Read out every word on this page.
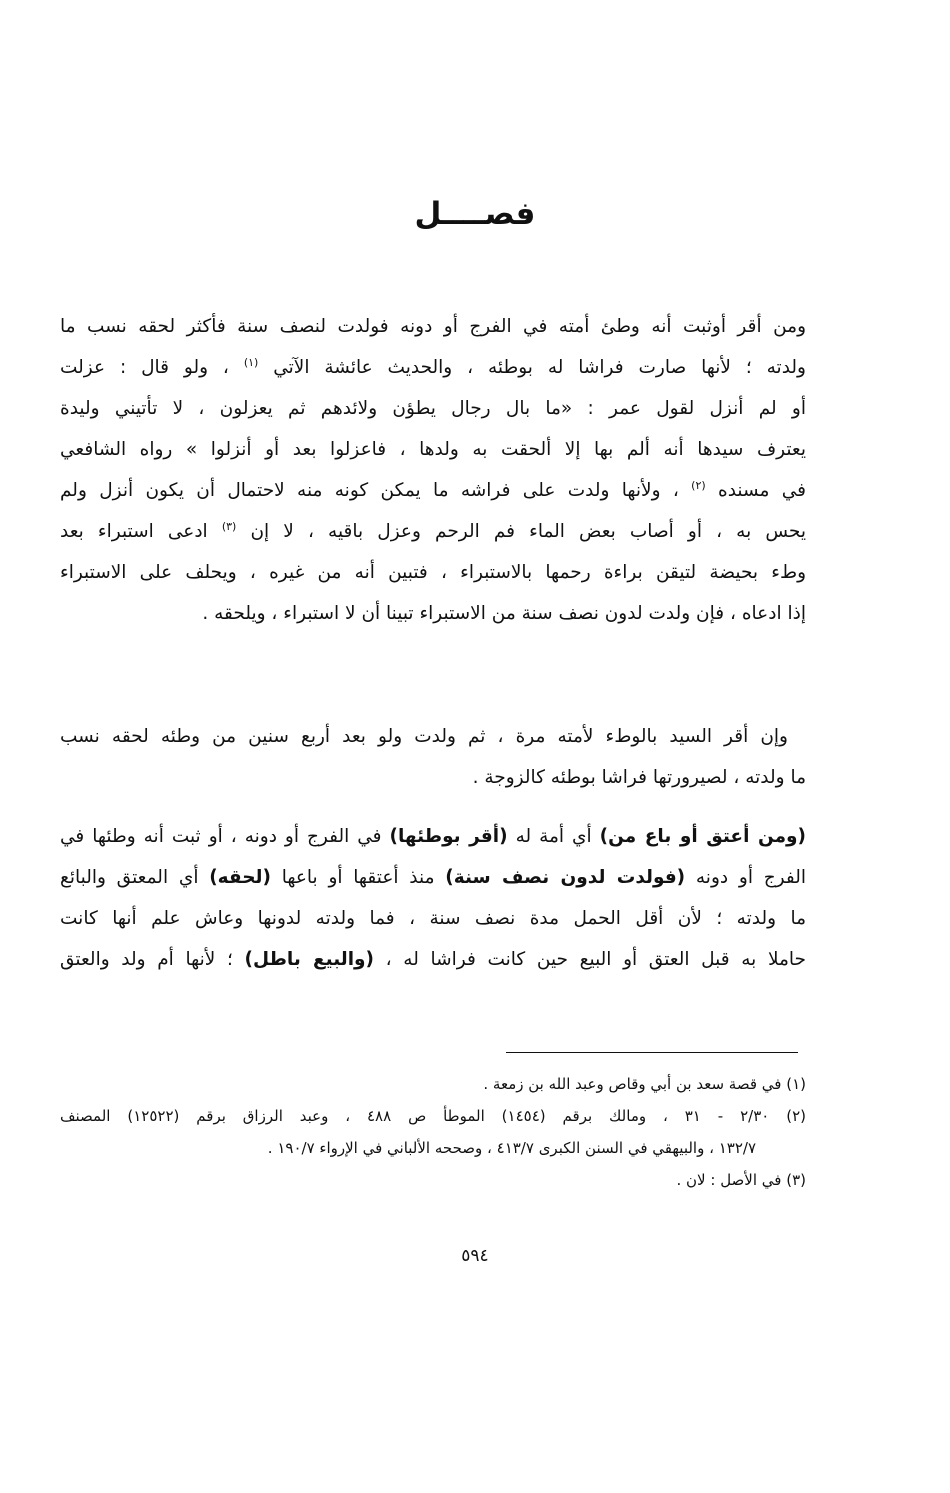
فصــــل
ومن أقر أوثبت أنه وطئ أمته في الفرج أو دونه فولدت لنصف سنة فأكثر لحقه نسب ما
ولدته ؛ لأنها صارت فراشا له بوطئه ، والحديث عائشة الآتي $^{(١)}$ ، ولو قال : عزلت
أو لم أنزل لقول عمر : «ما بال رجال يطؤن ولائدهم ثم يعزلون ، لا تأتيني وليدة
يعترف سيدها أنه ألم بها إلا ألحقت به ولدها ، فاعزلوا بعد أو أنزلوا » رواه الشافعي
في مسنده $^{(٢)}$ ، ولأنها ولدت على فراشه ما يمكن كونه منه لاحتمال أن يكون أنزل ولم
يحس به ، أو أصاب بعض الماء فم الرحم وعزل باقيه ، لا إن $^{(٣)}$ ادعى استبراء بعد
وطء بحيضة لتيقن براءة رحمها بالاستبراء ، فتبين أنه من غيره ، ويحلف على الاستبراء
إذا ادعاه ، فإن ولدت لدون نصف سنة من الاستبراء تبينا أن لا استبراء ، ويلحقه .
وإن أقر السيد بالوطء لأمته مرة ، ثم ولدت ولو بعد أربع سنين من وطئه لحقه نسب
ما ولدته ، لصيرورتها فراشا بوطئه كالزوجة .
(ومن أعتق أو باع من) أي أمة له (أقر بوطئها) في الفرج أو دونه ، أو ثبت أنه وطئها في
الفرج أو دونه (فولدت لدون نصف سنة) منذ أعتقها أو باعها (لحقه) أي المعتق والبائع
ما ولدته ؛ لأن أقل الحمل مدة نصف سنة ، فما ولدته لدونها وعاش علم أنها كانت
حاملا به قبل العتق أو البيع حين كانت فراشا له ، (والبيع باطل) ؛ لأنها أم ولد والعتق
(١) في قصة سعد بن أبي وقاص وعبد الله بن زمعة .
(٢) ٢/٣٠ - ٣١ ، ومالك برقم (١٤٥٤) الموطأ ص ٤٨٨ ، وعبد الرزاق برقم (١٢٥٢٢) المصنف
١٣٢/٧ ، والبيهقي في السنن الكبرى ٤١٣/٧ ، وصححه الألباني في الإرواء ١٩٠/٧ .
(٣) في الأصل : لان .
٥٩٤
